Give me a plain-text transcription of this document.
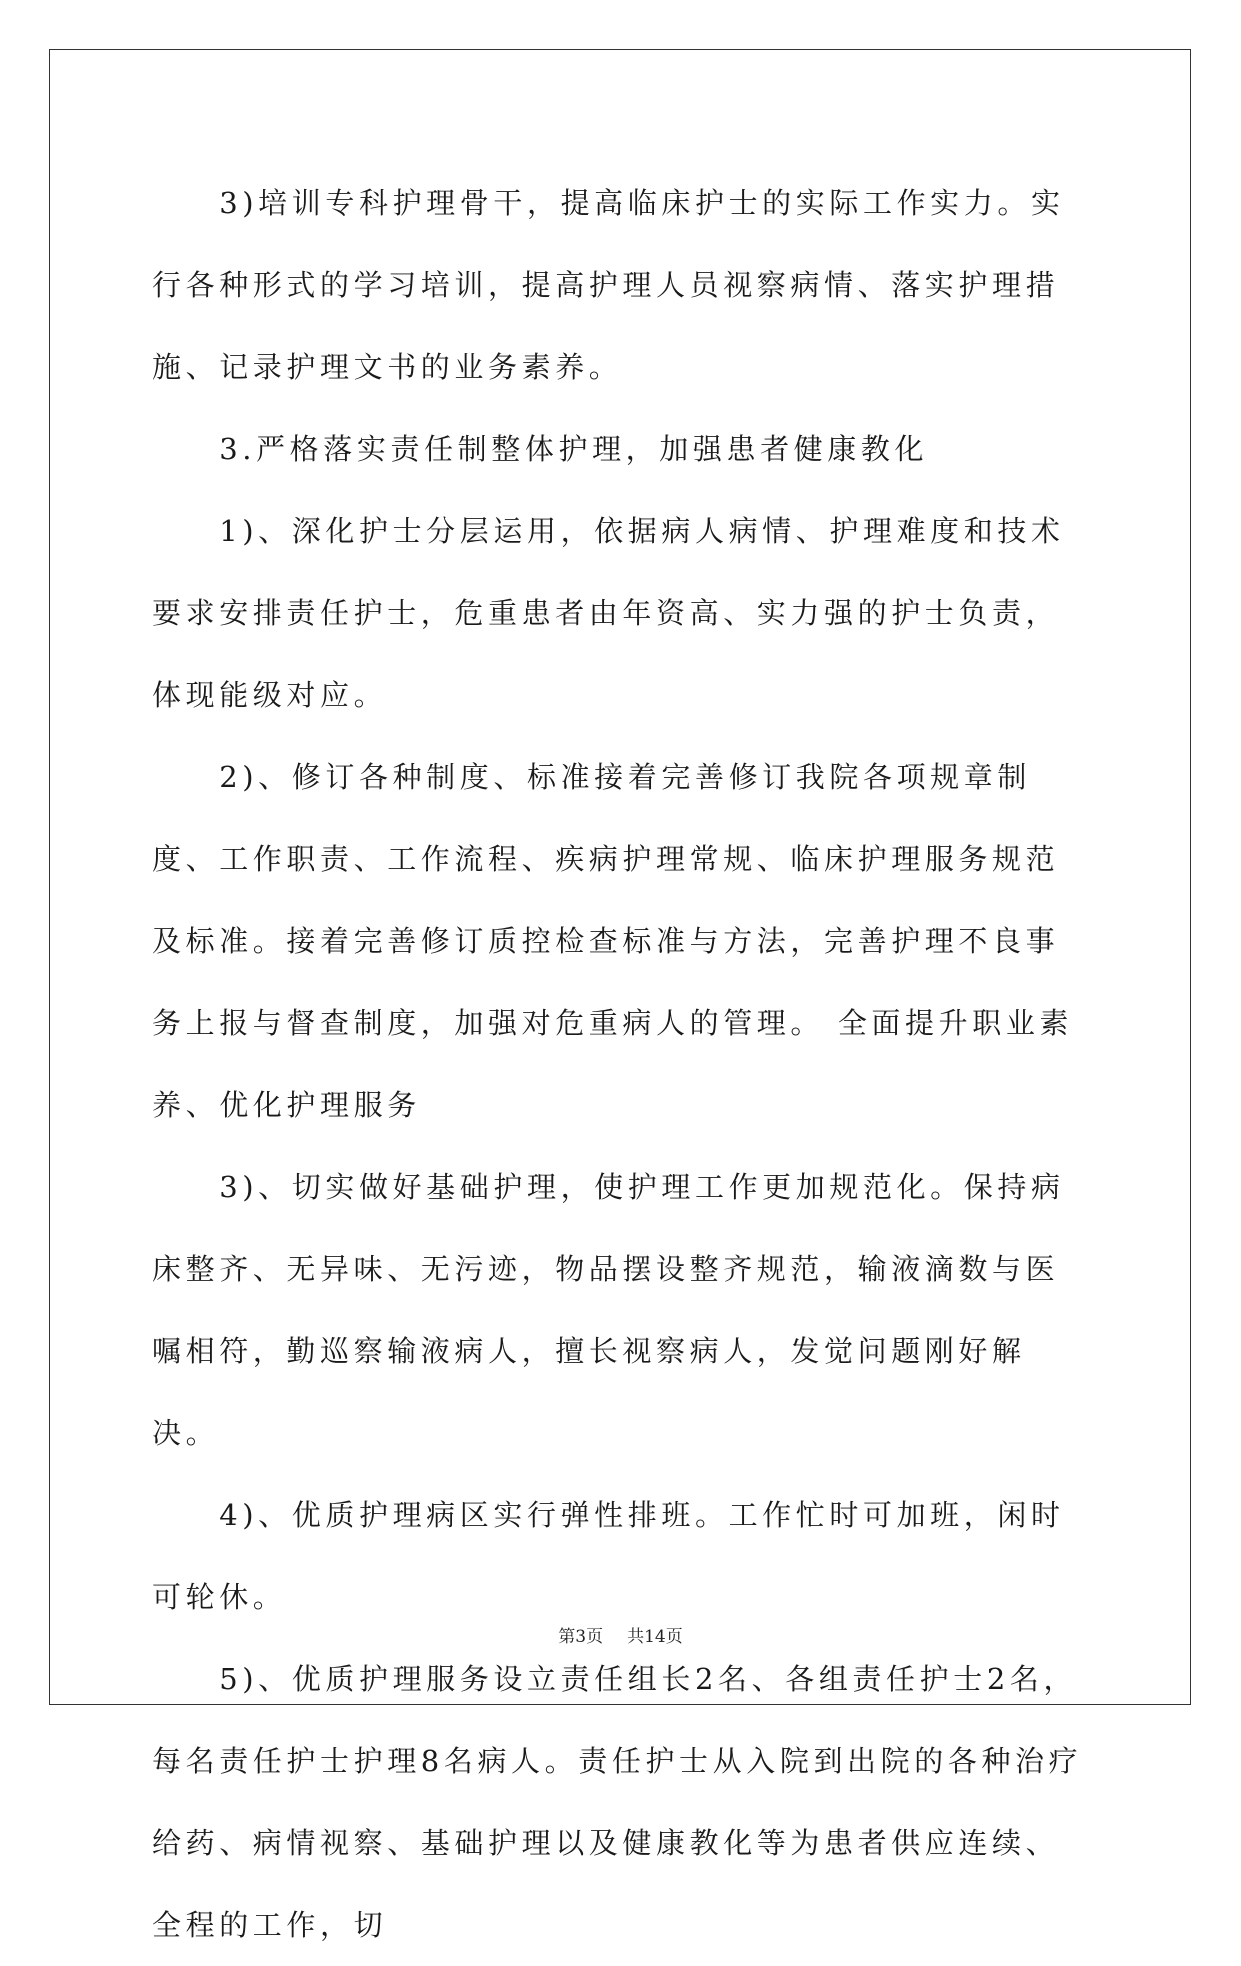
　　3)培训专科护理骨干，提高临床护士的实际工作实力。实行各种形式的学习培训，提高护理人员视察病情、落实护理措施、记录护理文书的业务素养。

　　3.严格落实责任制整体护理，加强患者健康教化

　　1)、深化护士分层运用，依据病人病情、护理难度和技术要求安排责任护士，危重患者由年资高、实力强的护士负责，体现能级对应。

　　2)、修订各种制度、标准接着完善修订我院各项规章制度、工作职责、工作流程、疾病护理常规、临床护理服务规范及标准。接着完善修订质控检查标准与方法，完善护理不良事务上报与督查制度，加强对危重病人的管理。 全面提升职业素养、优化护理服务

　　3)、切实做好基础护理，使护理工作更加规范化。保持病床整齐、无异味、无污迹，物品摆设整齐规范，输液滴数与医嘱相符，勤巡察输液病人，擅长视察病人，发觉问题刚好解决。

　　4)、优质护理病区实行弹性排班。工作忙时可加班，闲时可轮休。

　　5)、优质护理服务设立责任组长2名、各组责任护士2名，每名责任护士护理8名病人。责任护士从入院到出院的各种治疗给药、病情视察、基础护理以及健康教化等为患者供应连续、全程的工作，切

第3页 共14页
